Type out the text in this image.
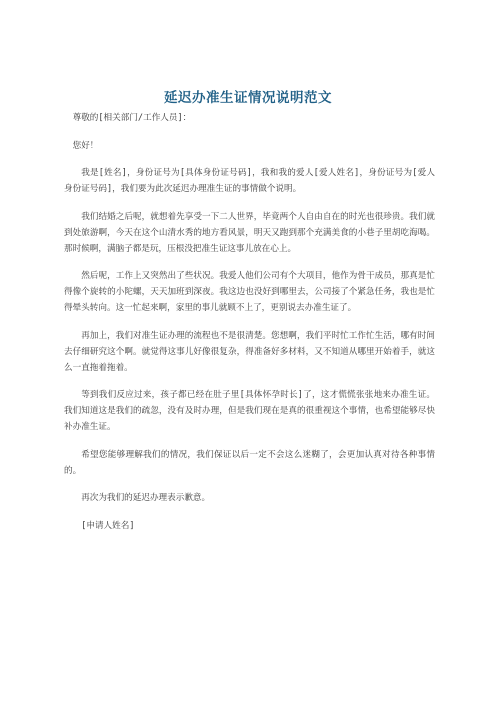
延迟办准生证情况说明范文

尊敬的[相关部门/工作人员]：

您好！

我是[姓名]，身份证号为[具体身份证号码]，我和我的爱人[爱人姓名]，身份证号为[爱人身份证号码]，我们要为此次延迟办理准生证的事情做个说明。

我们结婚之后呢，就想着先享受一下二人世界，毕竟两个人自由自在的时光也很珍贵。我们就到处旅游啊，今天在这个山清水秀的地方看风景，明天又跑到那个充满美食的小巷子里胡吃海喝。那时候啊，满脑子都是玩，压根没把准生证这事儿放在心上。

然后呢，工作上又突然出了些状况。我爱人他们公司有个大项目，他作为骨干成员，那真是忙得像个旋转的小陀螺，天天加班到深夜。我这边也没好到哪里去，公司接了个紧急任务，我也是忙得晕头转向。这一忙起来啊，家里的事儿就顾不上了，更别说去办准生证了。

再加上，我们对准生证办理的流程也不是很清楚。您想啊，我们平时忙工作忙生活，哪有时间去仔细研究这个啊。就觉得这事儿好像很复杂，得准备好多材料，又不知道从哪里开始着手，就这么一直拖着拖着。

等到我们反应过来，孩子都已经在肚子里[具体怀孕时长]了，这才慌慌张张地来办准生证。我们知道这是我们的疏忽，没有及时办理，但是我们现在是真的很重视这个事情，也希望能够尽快补办准生证。

希望您能够理解我们的情况，我们保证以后一定不会这么迷糊了，会更加认真对待各种事情的。

再次为我们的延迟办理表示歉意。

[申请人姓名]
